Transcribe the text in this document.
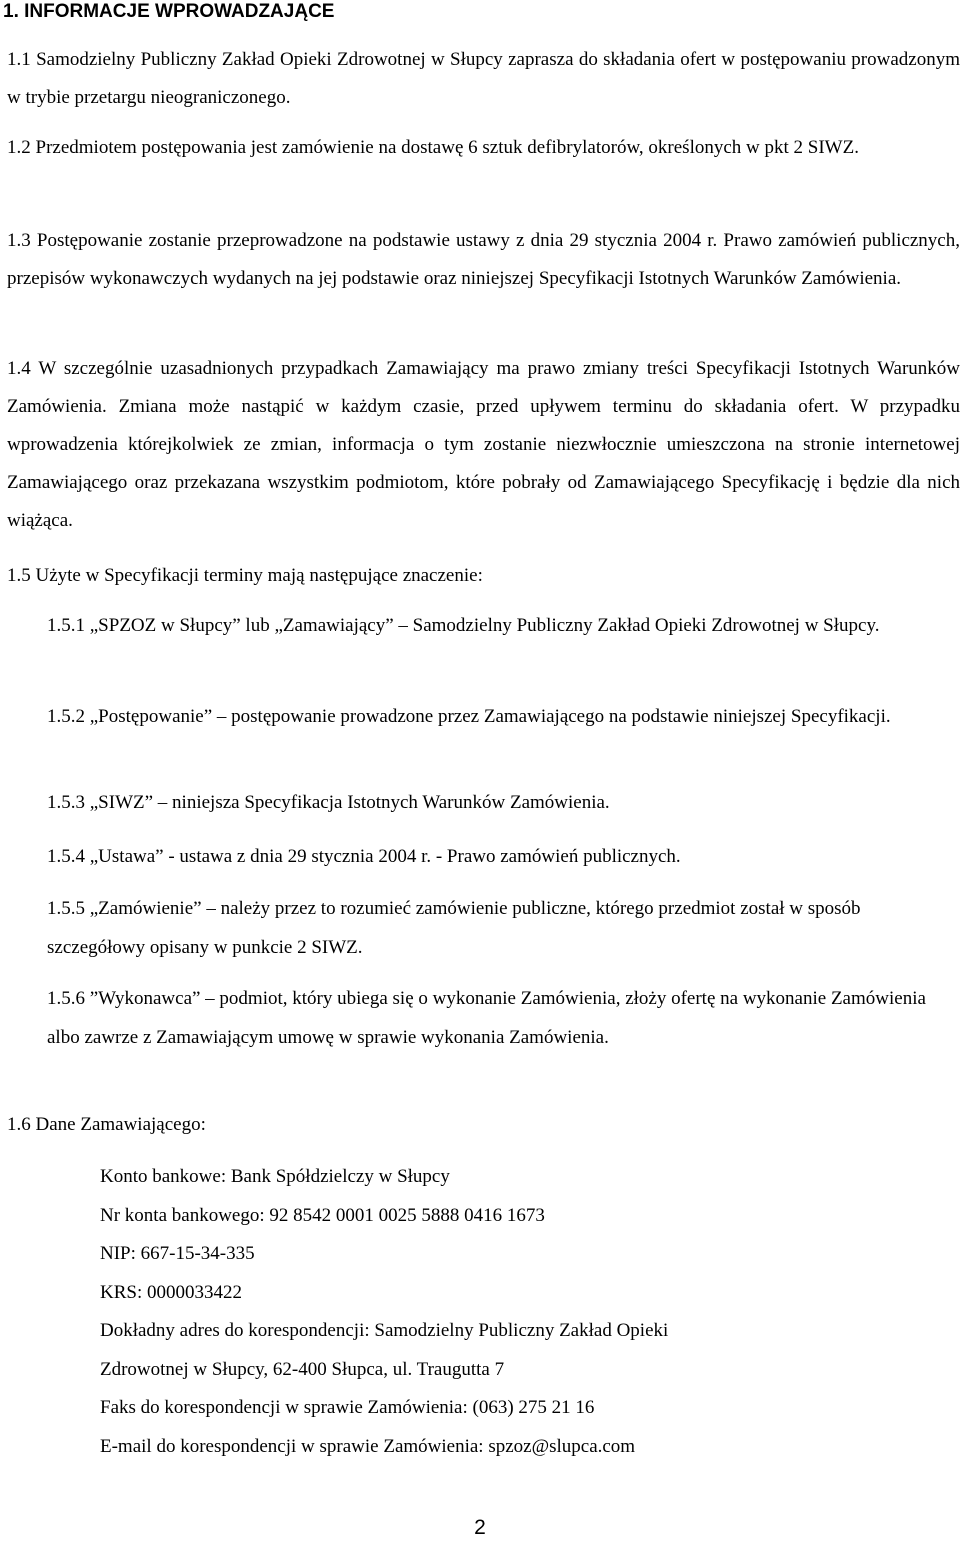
1. INFORMACJE WPROWADZAJĄCE

1.1 Samodzielny Publiczny Zakład Opieki Zdrowotnej w Słupcy zaprasza do składania ofert w postępowaniu prowadzonym w trybie przetargu nieograniczonego.

1.2 Przedmiotem postępowania jest zamówienie na dostawę 6 sztuk defibrylatorów, określonych w pkt 2 SIWZ.

1.3 Postępowanie zostanie przeprowadzone na podstawie ustawy z dnia 29 stycznia 2004 r. Prawo zamówień publicznych, przepisów wykonawczych wydanych na jej podstawie oraz niniejszej Specyfikacji Istotnych Warunków Zamówienia.

1.4 W szczególnie uzasadnionych przypadkach Zamawiający ma prawo zmiany treści Specyfikacji Istotnych Warunków Zamówienia. Zmiana może nastąpić w każdym czasie, przed upływem terminu do składania ofert. W przypadku wprowadzenia którejkolwiek ze zmian, informacja o tym zostanie niezwłocznie umieszczona na stronie internetowej Zamawiającego oraz przekazana wszystkim podmiotom, które pobrały od Zamawiającego Specyfikację i będzie dla nich wiążąca.

1.5 Użyte w Specyfikacji terminy mają następujące znaczenie:

1.5.1 „SPZOZ w Słupcy” lub „Zamawiający” – Samodzielny Publiczny Zakład Opieki Zdrowotnej w Słupcy.

1.5.2 „Postępowanie” – postępowanie prowadzone przez Zamawiającego na podstawie niniejszej Specyfikacji.

1.5.3 „SIWZ” – niniejsza Specyfikacja Istotnych Warunków Zamówienia.

1.5.4 „Ustawa” - ustawa z dnia 29 stycznia 2004 r. - Prawo zamówień publicznych.

1.5.5 „Zamówienie” – należy przez to rozumieć zamówienie publiczne, którego przedmiot został w sposób szczegółowy opisany w punkcie 2 SIWZ.

1.5.6 ”Wykonawca” – podmiot, który ubiega się o wykonanie Zamówienia, złoży ofertę na wykonanie Zamówienia albo zawrze z Zamawiającym umowę w sprawie wykonania Zamówienia.

1.6 Dane Zamawiającego:

Konto bankowe: Bank Spółdzielczy w Słupcy
Nr konta bankowego: 92 8542 0001 0025 5888 0416 1673
NIP: 667-15-34-335
KRS: 0000033422
Dokładny adres do korespondencji: Samodzielny Publiczny Zakład Opieki
Zdrowotnej w Słupcy, 62-400 Słupca, ul. Traugutta 7
Faks do korespondencji w sprawie Zamówienia: (063) 275 21 16
E-mail do korespondencji w sprawie Zamówienia: spzoz@slupca.com
2
